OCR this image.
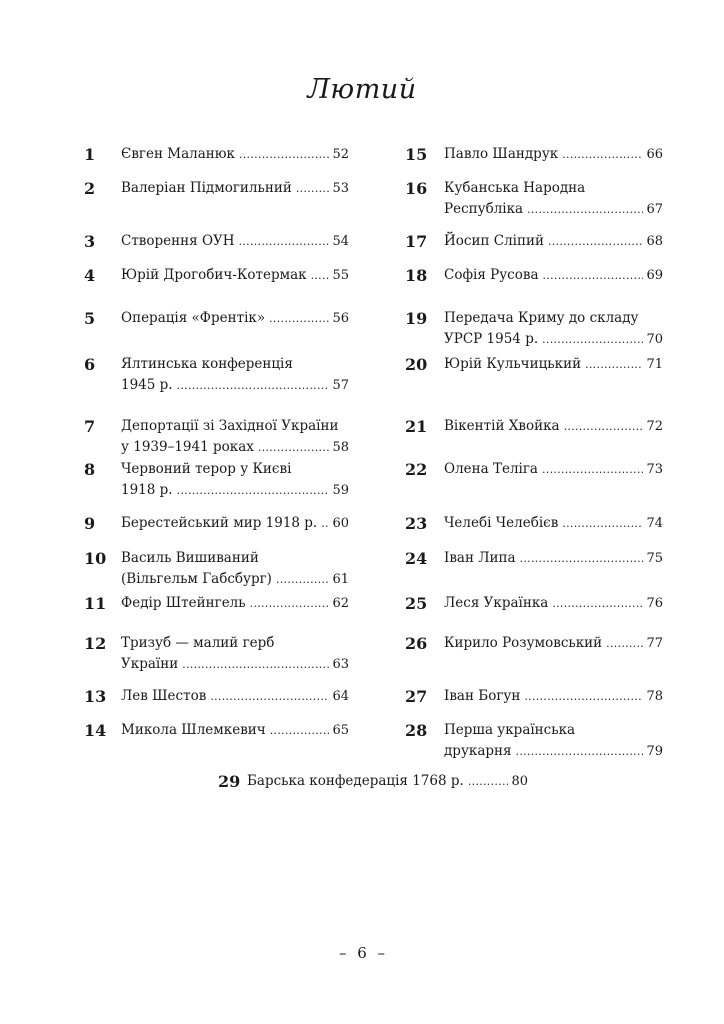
Лютий
1 Євген Маланюк . . .	52
2 Валеріан Підмогильний . . .	53
3 Створення ОУН . . .	54
4 Юрій Дрогобич-Котермак . . . 55
5 Операція «Френтік» . . .	56
6 Ялтинська конференція
1945 р. . . .	57
7 Депортації зі Західної України
у 1939–1941 роках . . .	58
8 Червоний терор у Києві
1918 р. . . .	59
9 Берестейський мир 1918 р. . . . 60
10 Василь Вишиваний
(Вільгельм Габсбург) . . .	61
11 Федір Штейнгель . . .	62
12 Тризуб — малий герб
України . . .	63
13 Лев Шестов . . .	64
14 Микола Шлемкевич . . .	65
15 Павло Шандрук . . .	66
16 Кубанська Народна
Республіка . . .	67
17 Йосип Сліпий . . .	68
18 Софія Русова . . .	69
19 Передача Криму до складу
УРСР 1954 р. . . .	70
20 Юрій Кульчицький . . .	71
21 Вікентій Хвойка . . .	72
22 Олена Теліга . . .	73
23 Челебі Челебієв . . .	74
24 Іван Липа . . .	75
25 Леся Українка . . .	76
26 Кирило Розумовський . . .	77
27 Іван Богун . . .	78
28 Перша українська
друкарня . . .	79
29 Барська конфедерація 1768 р. . . .	80
– 6 –
